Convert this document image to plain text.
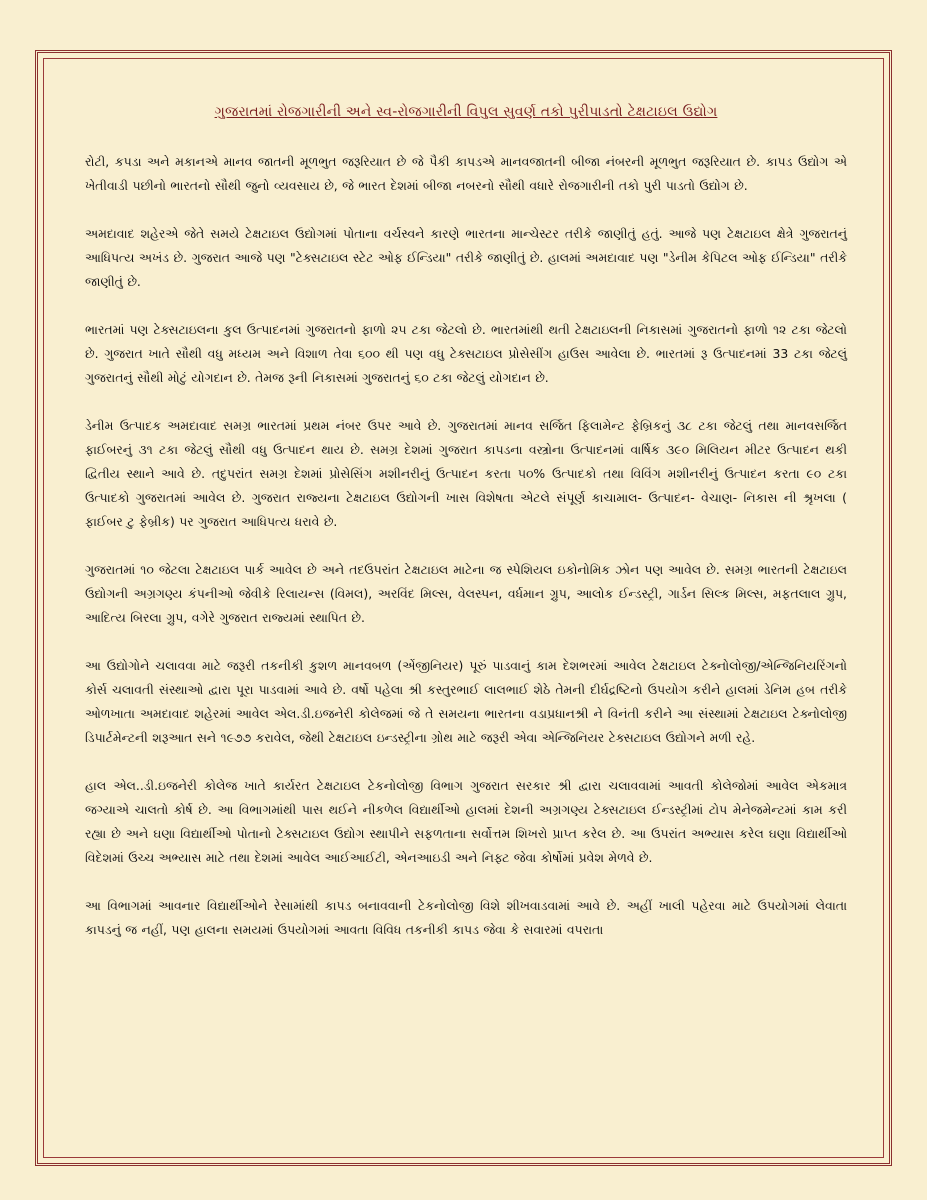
ગુજરાતમાં રોજગારીની અને સ્વ-રોજગારીની વિપુલ સુવર્ણ તકો પુરીપાડતો ટેક્ષટાઇલ ઉદ્યોગ

રોટી, કપડા અને મકાનએ માનવ જાતની મૂળભુત જરૂરિયાત છે જે પૈકી કાપડએ માનવજાતની બીજા નંબરની મૂળભુત જરૂરિયાત છે. કાપડ ઉદ્યોગ એ ખેતીવાડી પછીનો ભારતનો સૌથી જુનો વ્યવસાય છે, જે ભારત દેશમાં બીજા નબરનો સૌથી વધારે રોજગારીની તકો પુરી પાડતો ઉદ્યોગ છે.

અમદાવાદ શહેરએ જેતે સમયે ટેક્ષટાઇલ ઉદ્યોગમાં પોતાના વર્ચસ્વને કારણે ભારતના માન્ચેસ્ટર તરીકે જાણીતું હતું. આજે પણ ટેક્ષટાઇલ ક્ષેત્રે ગુજરાતનું આધિપત્ય અખંડ છે. ગુજરાત આજે પણ "ટેક્સટાઇલ સ્ટેટ ઓફ ઈન્ડિયા" તરીકે જાણીતું છે. હાલમાં અમદાવાદ પણ "ડેનીમ કેપિટલ ઓફ ઈન્ડિયા" તરીકે જાણીતું છે.

ભારતમાં પણ ટેક્સટાઇલના કુલ ઉત્પાદનમાં ગુજરાતનો ફાળો ૨૫ ટકા જેટલો છે. ભારતમાંથી થતી ટેક્ષટાઇલની નિકાસમાં ગુજરાતનો ફાળો ૧૨ ટકા જેટલો છે. ગુજરાત ખાતે સૌથી વધુ મધ્યમ અને વિશાળ તેવા ૬૦૦ થી પણ વધુ ટેક્સટાઇલ પ્રોસેસીંગ હાઉસ આવેલા છે. ભારતમાં રૂ ઉત્પાદનમાં 33 ટકા જેટલું ગુજરાતનું સૌથી મોટું યોગદાન છે. તેમજ રૂની નિકાસમાં ગુજરાતનું ૬૦ ટકા જેટલું યોગદાન છે.

ડેનીમ ઉત્પાદક અમદાવાદ સમગ્ર ભારતમાં પ્રથમ નંબર ઉપર આવે છે. ગુજરાતમાં માનવ સર્જિત ફિલામેન્ટ ફેબ્રિકનું ૩૮ ટકા જેટલું તથા માનવસર્જિત ફાઈબરનું ૩૧ ટકા જેટલું સૌથી વધુ ઉત્પાદન થાય છે. સમગ્ર દેશમાં ગુજરાત કાપડના વસ્ત્રોના ઉત્પાદનમાં વાર્ષિક ૩૯૦ મિલિયન મીટર ઉત્પાદન થકી દ્વિતીય સ્થાને આવે છે. તદુપરાંત સમગ્ર દેશમાં પ્રોસેસિંગ મશીનરીનું ઉત્પાદન કરતા ૫૦% ઉત્પાદકો તથા વિવિંગ મશીનરીનું ઉત્પાદન કરતા ૯૦ ટકા ઉત્પાદકો ગુજરાતમાં આવેલ છે. ગુજરાત રાજ્યના ટેક્ષટાઇલ ઉદ્યોગની ખાસ વિશેષતા એટલે સંપૂર્ણ કાચામાલ- ઉત્પાદન- વેચાણ- નિકાસ ની શ્રૃખલા ( ફાઈબર ટુ ફેબ્રીક) પર ગુજરાત આધિપત્ય ધરાવે છે.

ગુજરાતમાં ૧૦ જેટલા ટેક્ષટાઇલ પાર્ક આવેલ છે અને તદઉપરાંત ટેક્ષટાઇલ માટેના જ સ્પેશિયલ ઇકોનોમિક ઝોન પણ આવેલ છે. સમગ્ર ભારતની ટેક્ષટાઇલ ઉદ્યોગની અગ્રગણ્ય કંપનીઓ જેવીકે રિલાયન્સ (વિમલ), અરવિંદ મિલ્સ, વેલસ્પન, વર્ધમાન ગ્રુપ, આલોક ઈન્ડસ્ટ્રી, ગાર્ડન સિલ્ક મિલ્સ, મફતલાલ ગ્રુપ, આદિત્ય બિરલા ગ્રુપ, વગેરે ગુજરાત રાજ્યમાં સ્થાપિત છે.

આ ઉદ્યોગોને ચલાવવા માટે જરૂરી તકનીકી કુશળ માનવબળ (એંજીનિયર) પૂરું પાડવાનું કામ દેશભરમાં આવેલ ટેક્ષટાઇલ ટેક્નોલોજી/એન્જિનિયરિંગનો કોર્સ ચલાવતી સંસ્થાઓ દ્વારા પૂરા પાડવામાં આવે છે. વર્ષો પહેલા શ્રી કસ્તુરભાઈ લાલભાઈ શેઠે તેમની દીર્ઘદ્રષ્ટિનો ઉપયોગ કરીને હાલમાં ડેનિમ હબ તરીકે ઓળખાતા અમદાવાદ શહેરમાં આવેલ એલ.ડી.ઇજનેરી કોલેજમાં જે તે સમયના ભારતના વડાપ્રધાનશ્રી ને વિનંતી કરીને આ સંસ્થામાં ટેક્ષટાઇલ ટેક્નોલોજી ડિપાર્ટમેન્ટની શરૂઆત સને ૧૯૭૭ કરાવેલ, જેથી ટેક્ષટાઇલ ઇન્ડસ્ટ્રીના ગ્રોથ માટે જરૂરી એવા એન્જિનિયર ટેક્સટાઇલ ઉદ્યોગને મળી રહે.

હાલ એલ..ડી.ઇજનેરી કોલેજ ખાતે કાર્યરત ટેક્ષટાઇલ ટેકનોલોજી વિભાગ ગુજરાત સરકાર શ્રી દ્વારા ચલાવવામાં આવતી કોલેજોમાં આવેલ એકમાત્ર જગ્યાએ ચાલતો કોર્ષ છે. આ વિભાગમાંથી પાસ થઈને નીકળેલ વિદ્યાર્થીઓ હાલમાં દેશની અગ્રગણ્ય ટેક્સટાઇલ ઈન્ડસ્ટ્રીમાં ટોપ મેનેજમેન્ટમાં કામ કરી રહ્યા છે અને ઘણા વિદ્યાર્થીઓ પોતાનો ટેક્સટાઇલ ઉદ્યોગ સ્થાપીને સફળતાના સર્વોત્તમ શિખરો પ્રાપ્ત કરેલ છે. આ ઉપરાંત અભ્યાસ કરેલ ઘણા વિદ્યાર્થીઓ વિદેશમાં ઉચ્ચ અભ્યાસ માટે તથા દેશમાં આવેલ આઈઆઈટી, એનઆઇડી અને નિફ્ટ જેવા કોર્ષોમાં પ્રવેશ મેળવે છે.

આ વિભાગમાં આવનાર વિદ્યાર્થીઓને રેસામાંથી કાપડ બનાવવાની ટેકનોલોજી વિશે શીખવાડવામાં આવે છે. અહીં ખાલી પહેરવા માટે ઉપયોગમાં લેવાતા કાપડનું જ નહીં, પણ હાલના સમયમાં ઉપયોગમાં આવતા વિવિધ તકનીકી કાપડ જેવા કે સવારમાં વપરાતા
